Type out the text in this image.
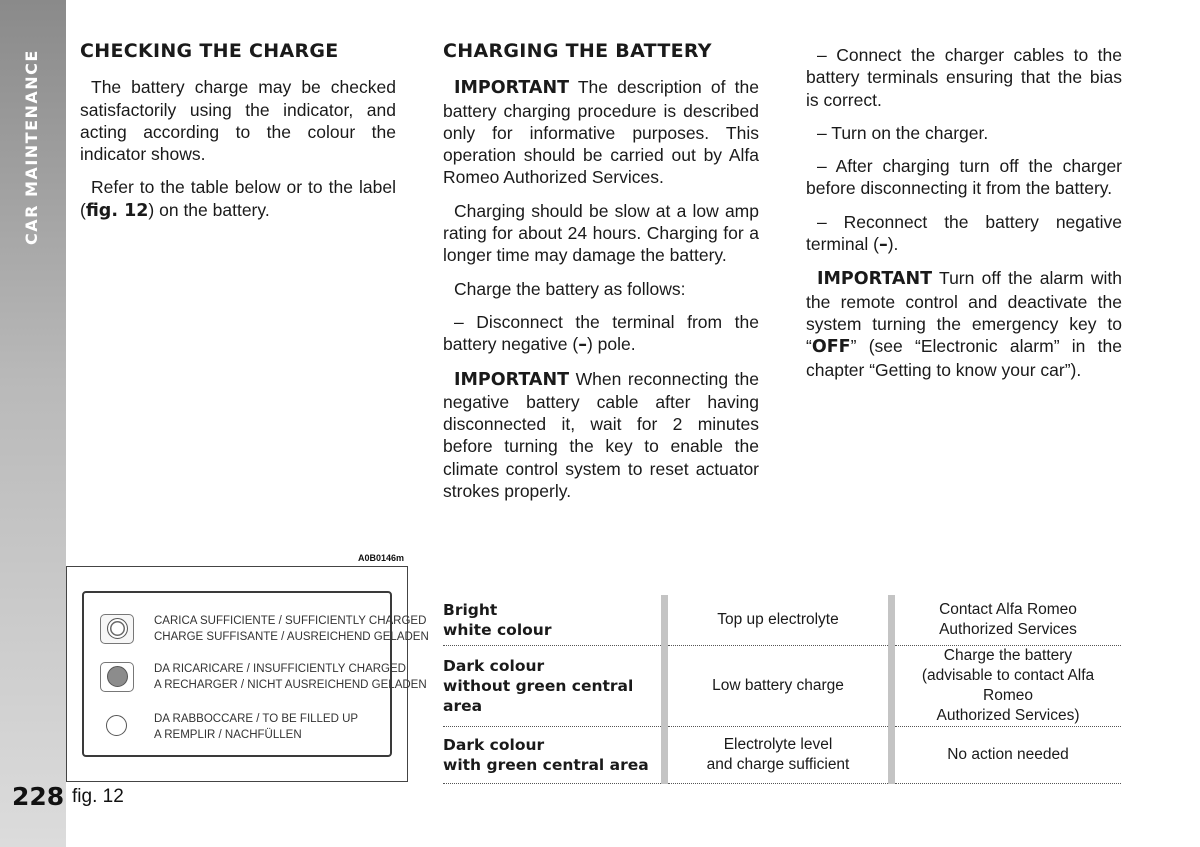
CAR MAINTENANCE
228
CHECKING THE CHARGE

The battery charge may be checked satisfactorily using the indicator, and acting according to the colour the indicator shows.

Refer to the table below or to the label (fig. 12) on the battery.

CHARGING THE BATTERY

IMPORTANT The description of the battery charging procedure is described only for informative purposes. This operation should be carried out by Alfa Romeo Authorized Services.

Charging should be slow at a low amp rating for about 24 hours. Charging for a longer time may damage the battery.

Charge the battery as follows:

– Disconnect the terminal from the battery negative (–) pole.

IMPORTANT When reconnecting the negative battery cable after having disconnected it, wait for 2 minutes before turning the key to enable the climate control system to reset actuator strokes properly.

– Connect the charger cables to the battery terminals ensuring that the bias is correct.

– Turn on the charger.

– After charging turn off the charger before disconnecting it from the battery.

– Reconnect the battery negative terminal (–).

IMPORTANT Turn off the alarm with the remote control and deactivate the system turning the emergency key to “OFF” (see “Electronic alarm” in the chapter “Getting to know your car”).

A0B0146m
CARICA SUFFICIENTE / SUFFICIENTLY CHARGED
CHARGE SUFFISANTE / AUSREICHEND GELADEN
DA RICARICARE / INSUFFICIENTLY CHARGED
A RECHARGER / NICHT AUSREICHEND GELADEN
DA RABBOCCARE / TO BE FILLED UP
A REMPLIR / NACHFÜLLEN
fig. 12
Bright
white colour		Top up electrolyte		Contact Alfa Romeo
Authorized Services

Dark colour
without green central area		Low battery charge		Charge the battery
(advisable to contact Alfa Romeo
Authorized Services)

Dark colour
with green central area		Electrolyte level
and charge sufficient		No action needed
